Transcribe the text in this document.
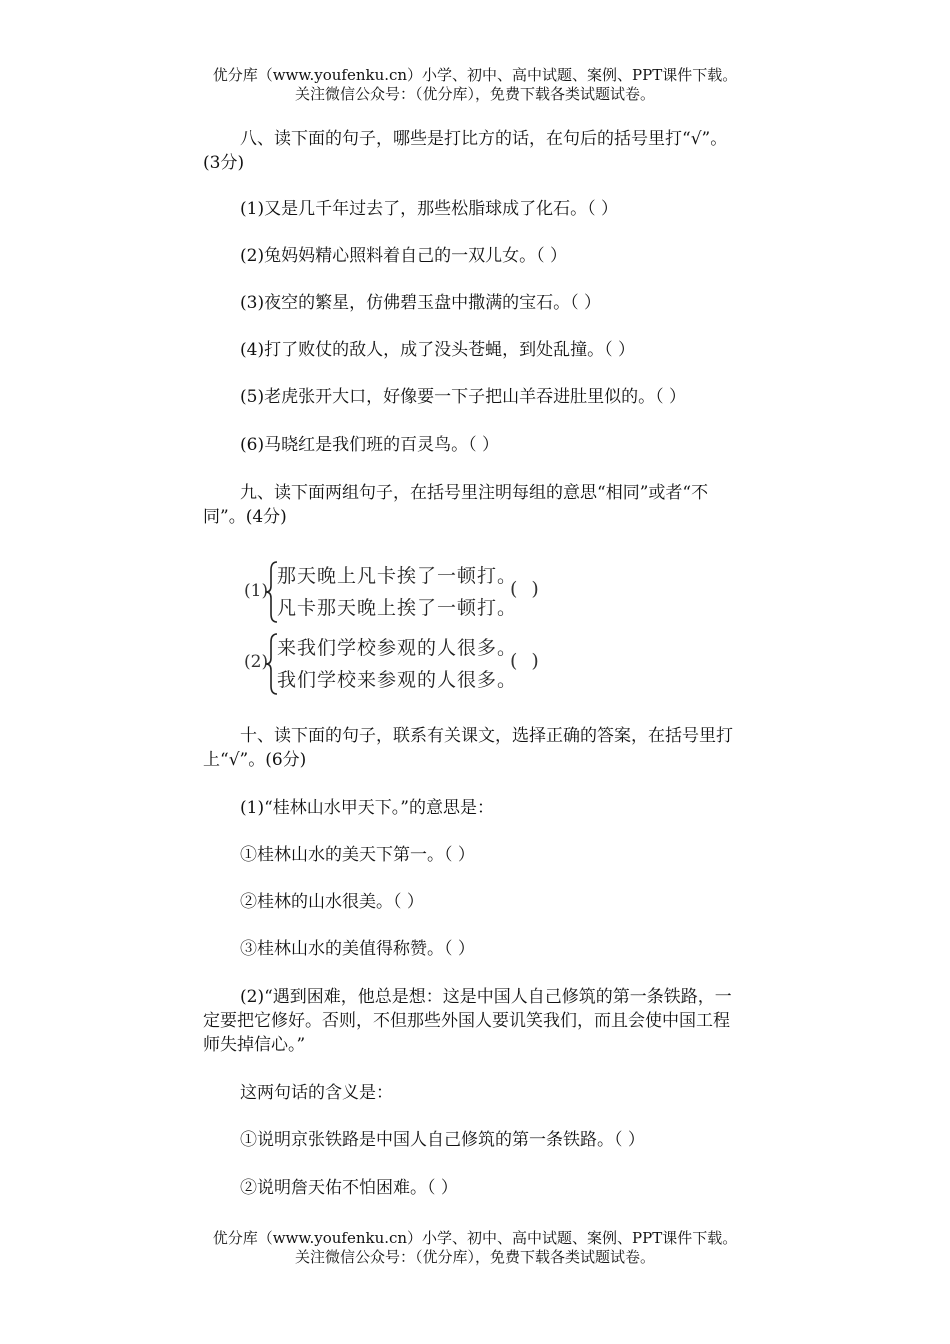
优分库（www.youfenku.cn）小学、初中、高中试题、案例、PPT课件下载。
关注微信公众号：（优分库），免费下载各类试题试卷。
八、读下面的句子，哪些是打比方的话，在句后的括号里打“√”。
(3分)
(1)又是几千年过去了，那些松脂球成了化石。（ ）
(2)兔妈妈精心照料着自己的一双儿女。（ ）
(3)夜空的繁星，仿佛碧玉盘中撒满的宝石。（ ）
(4)打了败仗的敌人，成了没头苍蝇，到处乱撞。（ ）
(5)老虎张开大口，好像要一下子把山羊吞进肚里似的。（ ）
(6)马晓红是我们班的百灵鸟。（ ）
九、读下面两组句子，在括号里注明每组的意思“相同”或者“不
同”。(4分)
(1)
那天晚上凡卡挨了一顿打。
凡卡那天晚上挨了一顿打。
()
(2)
来我们学校参观的人很多。
我们学校来参观的人很多。
()
十、读下面的句子，联系有关课文，选择正确的答案，在括号里打
上“√”。(6分)
(1)“桂林山水甲天下。”的意思是：
①桂林山水的美天下第一。（ ）
②桂林的山水很美。（ ）
③桂林山水的美值得称赞。（ ）
(2)“遇到困难，他总是想：这是中国人自己修筑的第一条铁路，一
定要把它修好。否则，不但那些外国人要讥笑我们，而且会使中国工程
师失掉信心。”
这两句话的含义是：
①说明京张铁路是中国人自己修筑的第一条铁路。（ ）
②说明詹天佑不怕困难。（ ）
优分库（www.youfenku.cn）小学、初中、高中试题、案例、PPT课件下载。
关注微信公众号：（优分库），免费下载各类试题试卷。
